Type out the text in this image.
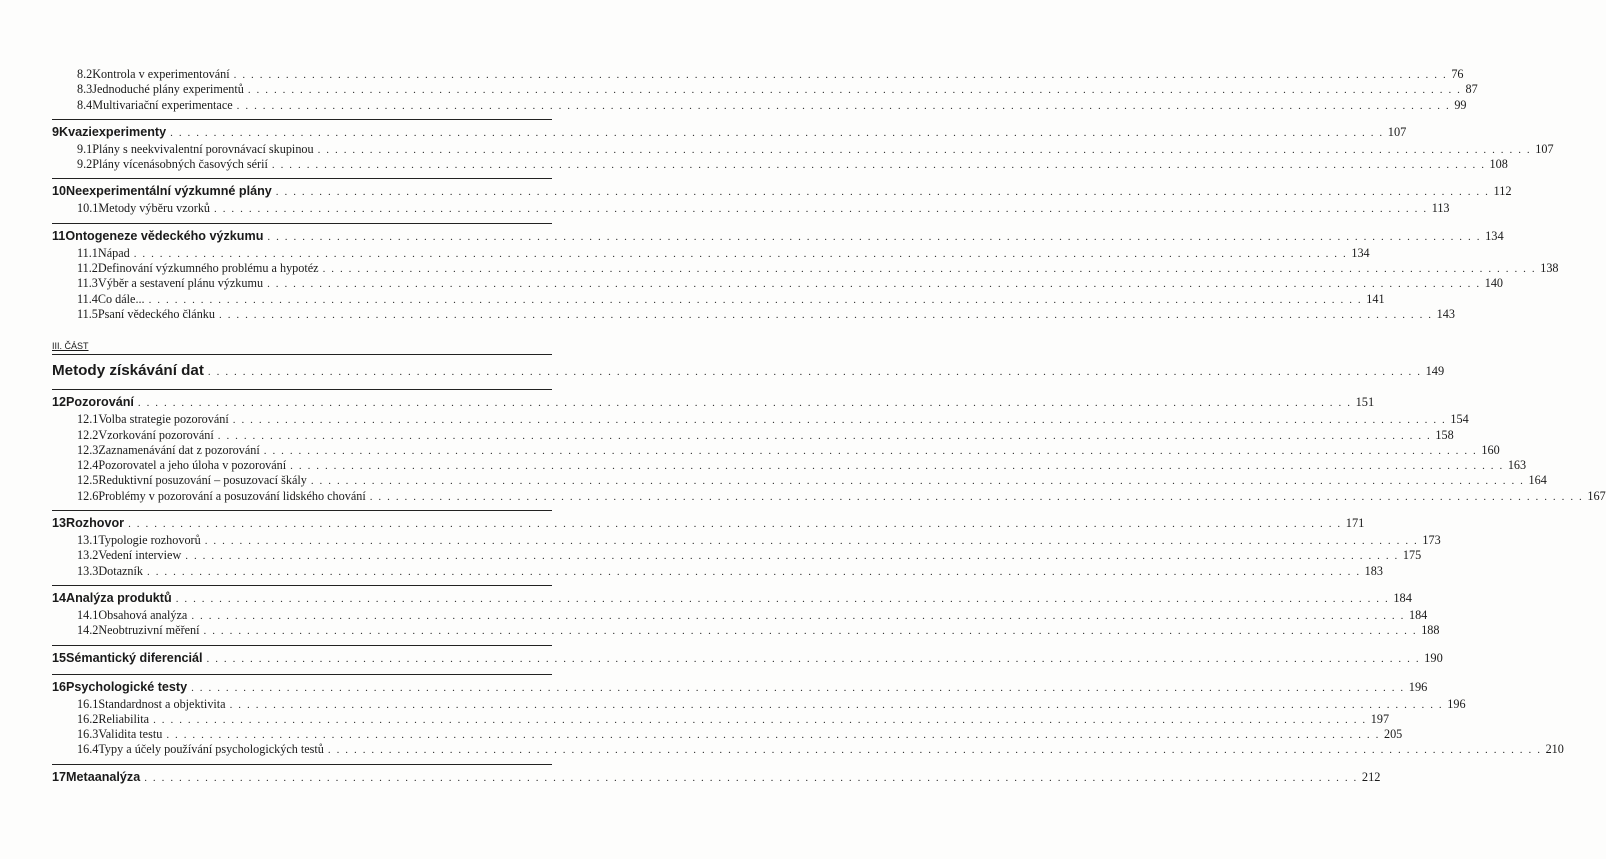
8.2 Kontrola v experimentování . . . . . . . . . . . . . . . . . . . . . . . . . . . . . . . . . . . . . . . . . . . . . . . . . . . . . . . . . . . . . . . . . . . . . . . . . . . . . . . . . . . . . . . . . . . . . . . . . . . . . . . . . . . . . . . . . . . . . . . . . . . . . . . . . . . . . . . . . . . . 76
8.3 Jednoduché plány experimentů . . . . . . . . . . . . . . . . . . . . . . . . . . . . . . . . . . . . . . . . . . . . . . . . . . . . . . . . . . . . . . . . . . . . . . . . . . . . . . . . . . . . . . . . . . . . . . . . . . . . . . . . . . . . . . . . . . . . . . . . . . . . . . . . . . . . . . . . . . . . 87
8.4 Multivariační experimentace . . . . . . . . . . . . . . . . . . . . . . . . . . . . . . . . . . . . . . . . . . . . . . . . . . . . . . . . . . . . . . . . . . . . . . . . . . . . . . . . . . . . . . . . . . . . . . . . . . . . . . . . . . . . . . . . . . . . . . . . . . . . . . . . . . . . . . . . . . . . 99
9 Kvaziexperimenty . . . . . . . . . . . . . . . . . . . . . . . . . . . . . . . . . . . . . . . . . . . . . . . . . . . . . . . . . . . . . . . . . . . . . . . . . . . . . . . . . . . . . . . . . . . . . . . . . . . . . . . . . . . . . . . . . . . . . . . . . . . . . . . . . . . . . . . . . . . . 107
9.1 Plány s neekvivalentní porovnávací skupinou . . . . . . . . . . . . . . . . . . . . . . . . . . . . . . . . . . . . . . . . . . . . . . . . . . . . . . . . . . . . . . . . . . . . . . . . . . . . . . . . . . . . . . . . . . . . . . . . . . . . . . . . . . . . . . . . . . . . . . . . . . . . . . . . . . . . . . . . . . . . 107
9.2 Plány vícenásobných časových sérií . . . . . . . . . . . . . . . . . . . . . . . . . . . . . . . . . . . . . . . . . . . . . . . . . . . . . . . . . . . . . . . . . . . . . . . . . . . . . . . . . . . . . . . . . . . . . . . . . . . . . . . . . . . . . . . . . . . . . . . . . . . . . . . . . . . . . . . . . . . . 108
10 Neexperimentální výzkumné plány . . . . . . . . . . . . . . . . . . . . . . . . . . . . . . . . . . . . . . . . . . . . . . . . . . . . . . . . . . . . . . . . . . . . . . . . . . . . . . . . . . . . . . . . . . . . . . . . . . . . . . . . . . . . . . . . . . . . . . . . . . . . . . . . . . . . . . . . . . . . 112
10.1 Metody výběru vzorků . . . . . . . . . . . . . . . . . . . . . . . . . . . . . . . . . . . . . . . . . . . . . . . . . . . . . . . . . . . . . . . . . . . . . . . . . . . . . . . . . . . . . . . . . . . . . . . . . . . . . . . . . . . . . . . . . . . . . . . . . . . . . . . . . . . . . . . . . . . . 113
11 Ontogeneze vědeckého výzkumu . . . . . . . . . . . . . . . . . . . . . . . . . . . . . . . . . . . . . . . . . . . . . . . . . . . . . . . . . . . . . . . . . . . . . . . . . . . . . . . . . . . . . . . . . . . . . . . . . . . . . . . . . . . . . . . . . . . . . . . . . . . . . . . . . . . . . . . . . . . . 134
11.1 Nápad . . . . . . . . . . . . . . . . . . . . . . . . . . . . . . . . . . . . . . . . . . . . . . . . . . . . . . . . . . . . . . . . . . . . . . . . . . . . . . . . . . . . . . . . . . . . . . . . . . . . . . . . . . . . . . . . . . . . . . . . . . . . . . . . . . . . . . . . . . . . 134
11.2 Definování výzkumného problému a hypotéz . . . . . . . . . . . . . . . . . . . . . . . . . . . . . . . . . . . . . . . . . . . . . . . . . . . . . . . . . . . . . . . . . . . . . . . . . . . . . . . . . . . . . . . . . . . . . . . . . . . . . . . . . . . . . . . . . . . . . . . . . . . . . . . . . . . . . . . . . . . . 138
11.3 Výběr a sestavení plánu výzkumu . . . . . . . . . . . . . . . . . . . . . . . . . . . . . . . . . . . . . . . . . . . . . . . . . . . . . . . . . . . . . . . . . . . . . . . . . . . . . . . . . . . . . . . . . . . . . . . . . . . . . . . . . . . . . . . . . . . . . . . . . . . . . . . . . . . . . . . . . . . . 140
11.4 Co dále... . . . . . . . . . . . . . . . . . . . . . . . . . . . . . . . . . . . . . . . . . . . . . . . . . . . . . . . . . . . . . . . . . . . . . . . . . . . . . . . . . . . . . . . . . . . . . . . . . . . . . . . . . . . . . . . . . . . . . . . . . . . . . . . . . . . . . . . . . . . . 141
11.5 Psaní vědeckého článku . . . . . . . . . . . . . . . . . . . . . . . . . . . . . . . . . . . . . . . . . . . . . . . . . . . . . . . . . . . . . . . . . . . . . . . . . . . . . . . . . . . . . . . . . . . . . . . . . . . . . . . . . . . . . . . . . . . . . . . . . . . . . . . . . . . . . . . . . . . . 143
III. ČÁST
Metody získávání dat . . . . . . . . . . . . . . . . . . . . . . . . . . . . . . . . . . . . . . . . . . . . . . . . . . . . . . . . . . . . . . . . . . . . . . . . . . . . . . . . . . . . . . . . . . . . . . . . . . . . . . . . . . . . . . . . . . . . . . . . . . . . . . . . . . . . . . . . . . . . 149
12 Pozorování . . . . . . . . . . . . . . . . . . . . . . . . . . . . . . . . . . . . . . . . . . . . . . . . . . . . . . . . . . . . . . . . . . . . . . . . . . . . . . . . . . . . . . . . . . . . . . . . . . . . . . . . . . . . . . . . . . . . . . . . . . . . . . . . . . . . . . . . . . . . 151
12.1 Volba strategie pozorování . . . . . . . . . . . . . . . . . . . . . . . . . . . . . . . . . . . . . . . . . . . . . . . . . . . . . . . . . . . . . . . . . . . . . . . . . . . . . . . . . . . . . . . . . . . . . . . . . . . . . . . . . . . . . . . . . . . . . . . . . . . . . . . . . . . . . . . . . . . . 154
12.2 Vzorkování pozorování . . . . . . . . . . . . . . . . . . . . . . . . . . . . . . . . . . . . . . . . . . . . . . . . . . . . . . . . . . . . . . . . . . . . . . . . . . . . . . . . . . . . . . . . . . . . . . . . . . . . . . . . . . . . . . . . . . . . . . . . . . . . . . . . . . . . . . . . . . . . 158
12.3 Zaznamenávání dat z pozorování . . . . . . . . . . . . . . . . . . . . . . . . . . . . . . . . . . . . . . . . . . . . . . . . . . . . . . . . . . . . . . . . . . . . . . . . . . . . . . . . . . . . . . . . . . . . . . . . . . . . . . . . . . . . . . . . . . . . . . . . . . . . . . . . . . . . . . . . . . . . 160
12.4 Pozorovatel a jeho úloha v pozorování . . . . . . . . . . . . . . . . . . . . . . . . . . . . . . . . . . . . . . . . . . . . . . . . . . . . . . . . . . . . . . . . . . . . . . . . . . . . . . . . . . . . . . . . . . . . . . . . . . . . . . . . . . . . . . . . . . . . . . . . . . . . . . . . . . . . . . . . . . . . 163
12.5 Reduktivní posuzování – posuzovací škály . . . . . . . . . . . . . . . . . . . . . . . . . . . . . . . . . . . . . . . . . . . . . . . . . . . . . . . . . . . . . . . . . . . . . . . . . . . . . . . . . . . . . . . . . . . . . . . . . . . . . . . . . . . . . . . . . . . . . . . . . . . . . . . . . . . . . . . . . . . . 164
12.6 Problémy v pozorování a posuzování lidského chování . . . . . . . . . . . . . . . . . . . . . . . . . . . . . . . . . . . . . . . . . . . . . . . . . . . . . . . . . . . . . . . . . . . . . . . . . . . . . . . . . . . . . . . . . . . . . . . . . . . . . . . . . . . . . . . . . . . . . . . . . . . . . . . . . . . . . . . . . . . . 167
13 Rozhovor . . . . . . . . . . . . . . . . . . . . . . . . . . . . . . . . . . . . . . . . . . . . . . . . . . . . . . . . . . . . . . . . . . . . . . . . . . . . . . . . . . . . . . . . . . . . . . . . . . . . . . . . . . . . . . . . . . . . . . . . . . . . . . . . . . . . . . . . . . . . 171
13.1 Typologie rozhovorů . . . . . . . . . . . . . . . . . . . . . . . . . . . . . . . . . . . . . . . . . . . . . . . . . . . . . . . . . . . . . . . . . . . . . . . . . . . . . . . . . . . . . . . . . . . . . . . . . . . . . . . . . . . . . . . . . . . . . . . . . . . . . . . . . . . . . . . . . . . . 173
13.2 Vedení interview . . . . . . . . . . . . . . . . . . . . . . . . . . . . . . . . . . . . . . . . . . . . . . . . . . . . . . . . . . . . . . . . . . . . . . . . . . . . . . . . . . . . . . . . . . . . . . . . . . . . . . . . . . . . . . . . . . . . . . . . . . . . . . . . . . . . . . . . . . . . 175
13.3 Dotazník . . . . . . . . . . . . . . . . . . . . . . . . . . . . . . . . . . . . . . . . . . . . . . . . . . . . . . . . . . . . . . . . . . . . . . . . . . . . . . . . . . . . . . . . . . . . . . . . . . . . . . . . . . . . . . . . . . . . . . . . . . . . . . . . . . . . . . . . . . . . 183
14 Analýza produktů . . . . . . . . . . . . . . . . . . . . . . . . . . . . . . . . . . . . . . . . . . . . . . . . . . . . . . . . . . . . . . . . . . . . . . . . . . . . . . . . . . . . . . . . . . . . . . . . . . . . . . . . . . . . . . . . . . . . . . . . . . . . . . . . . . . . . . . . . . . . 184
14.1 Obsahová analýza . . . . . . . . . . . . . . . . . . . . . . . . . . . . . . . . . . . . . . . . . . . . . . . . . . . . . . . . . . . . . . . . . . . . . . . . . . . . . . . . . . . . . . . . . . . . . . . . . . . . . . . . . . . . . . . . . . . . . . . . . . . . . . . . . . . . . . . . . . . . 184
14.2 Neobtruzivní měření . . . . . . . . . . . . . . . . . . . . . . . . . . . . . . . . . . . . . . . . . . . . . . . . . . . . . . . . . . . . . . . . . . . . . . . . . . . . . . . . . . . . . . . . . . . . . . . . . . . . . . . . . . . . . . . . . . . . . . . . . . . . . . . . . . . . . . . . . . . . 188
15 Sémantický diferenciál . . . . . . . . . . . . . . . . . . . . . . . . . . . . . . . . . . . . . . . . . . . . . . . . . . . . . . . . . . . . . . . . . . . . . . . . . . . . . . . . . . . . . . . . . . . . . . . . . . . . . . . . . . . . . . . . . . . . . . . . . . . . . . . . . . . . . . . . . . . . 190
16 Psychologické testy . . . . . . . . . . . . . . . . . . . . . . . . . . . . . . . . . . . . . . . . . . . . . . . . . . . . . . . . . . . . . . . . . . . . . . . . . . . . . . . . . . . . . . . . . . . . . . . . . . . . . . . . . . . . . . . . . . . . . . . . . . . . . . . . . . . . . . . . . . . . 196
16.1 Standardnost a objektivita . . . . . . . . . . . . . . . . . . . . . . . . . . . . . . . . . . . . . . . . . . . . . . . . . . . . . . . . . . . . . . . . . . . . . . . . . . . . . . . . . . . . . . . . . . . . . . . . . . . . . . . . . . . . . . . . . . . . . . . . . . . . . . . . . . . . . . . . . . . . 196
16.2 Reliabilita . . . . . . . . . . . . . . . . . . . . . . . . . . . . . . . . . . . . . . . . . . . . . . . . . . . . . . . . . . . . . . . . . . . . . . . . . . . . . . . . . . . . . . . . . . . . . . . . . . . . . . . . . . . . . . . . . . . . . . . . . . . . . . . . . . . . . . . . . . . . 197
16.3 Validita testu . . . . . . . . . . . . . . . . . . . . . . . . . . . . . . . . . . . . . . . . . . . . . . . . . . . . . . . . . . . . . . . . . . . . . . . . . . . . . . . . . . . . . . . . . . . . . . . . . . . . . . . . . . . . . . . . . . . . . . . . . . . . . . . . . . . . . . . . . . . . 205
16.4 Typy a účely používání psychologických testů . . . . . . . . . . . . . . . . . . . . . . . . . . . . . . . . . . . . . . . . . . . . . . . . . . . . . . . . . . . . . . . . . . . . . . . . . . . . . . . . . . . . . . . . . . . . . . . . . . . . . . . . . . . . . . . . . . . . . . . . . . . . . . . . . . . . . . . . . . . . 210
17 Metaanalýza . . . . . . . . . . . . . . . . . . . . . . . . . . . . . . . . . . . . . . . . . . . . . . . . . . . . . . . . . . . . . . . . . . . . . . . . . . . . . . . . . . . . . . . . . . . . . . . . . . . . . . . . . . . . . . . . . . . . . . . . . . . . . . . . . . . . . . . . . . . . 212
